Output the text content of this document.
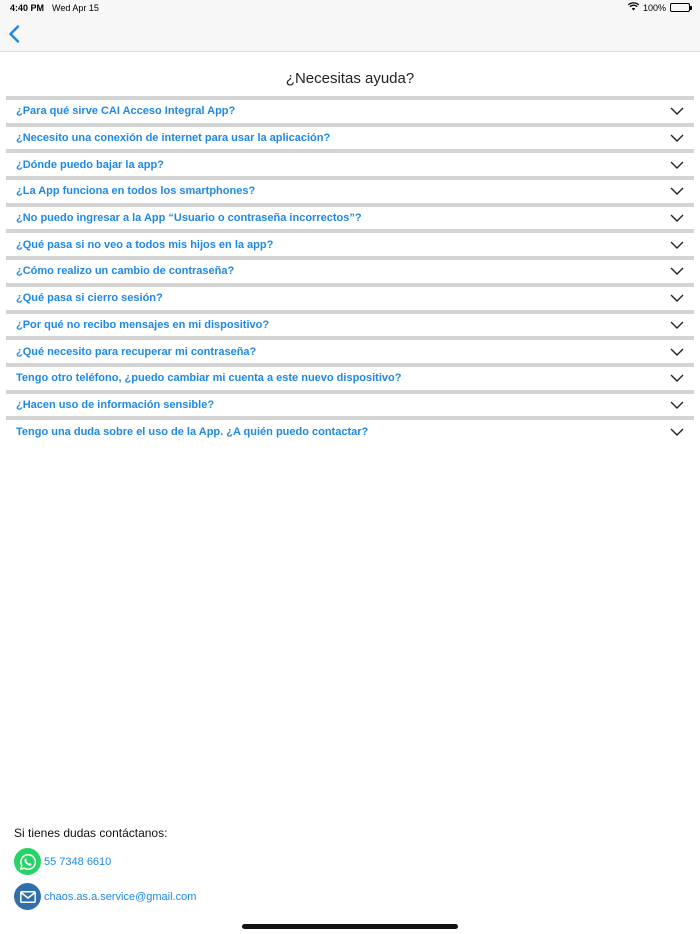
4:40 PM Wed Apr 15	100%
¿Necesitas ayuda?
¿Para qué sirve CAI Acceso Integral App?
¿Necesito una conexión de internet para usar la aplicación?
¿Dónde puedo bajar la app?
¿La App funciona en todos los smartphones?
¿No puedo ingresar a la App “Usuario o contraseña incorrectos”?
¿Qué pasa si no veo a todos mis hijos en la app?
¿Cómo realizo un cambio de contraseña?
¿Qué pasa si cierro sesión?
¿Por qué no recibo mensajes en mi dispositivo?
¿Qué necesito para recuperar mi contraseña?
Tengo otro teléfono, ¿puedo cambiar mi cuenta a este nuevo dispositivo?
¿Hacen uso de información sensible?
Tengo una duda sobre el uso de la App. ¿A quién puedo contactar?
Si tienes dudas contáctanos:
55 7348 6610
chaos.as.a.service@gmail.com
